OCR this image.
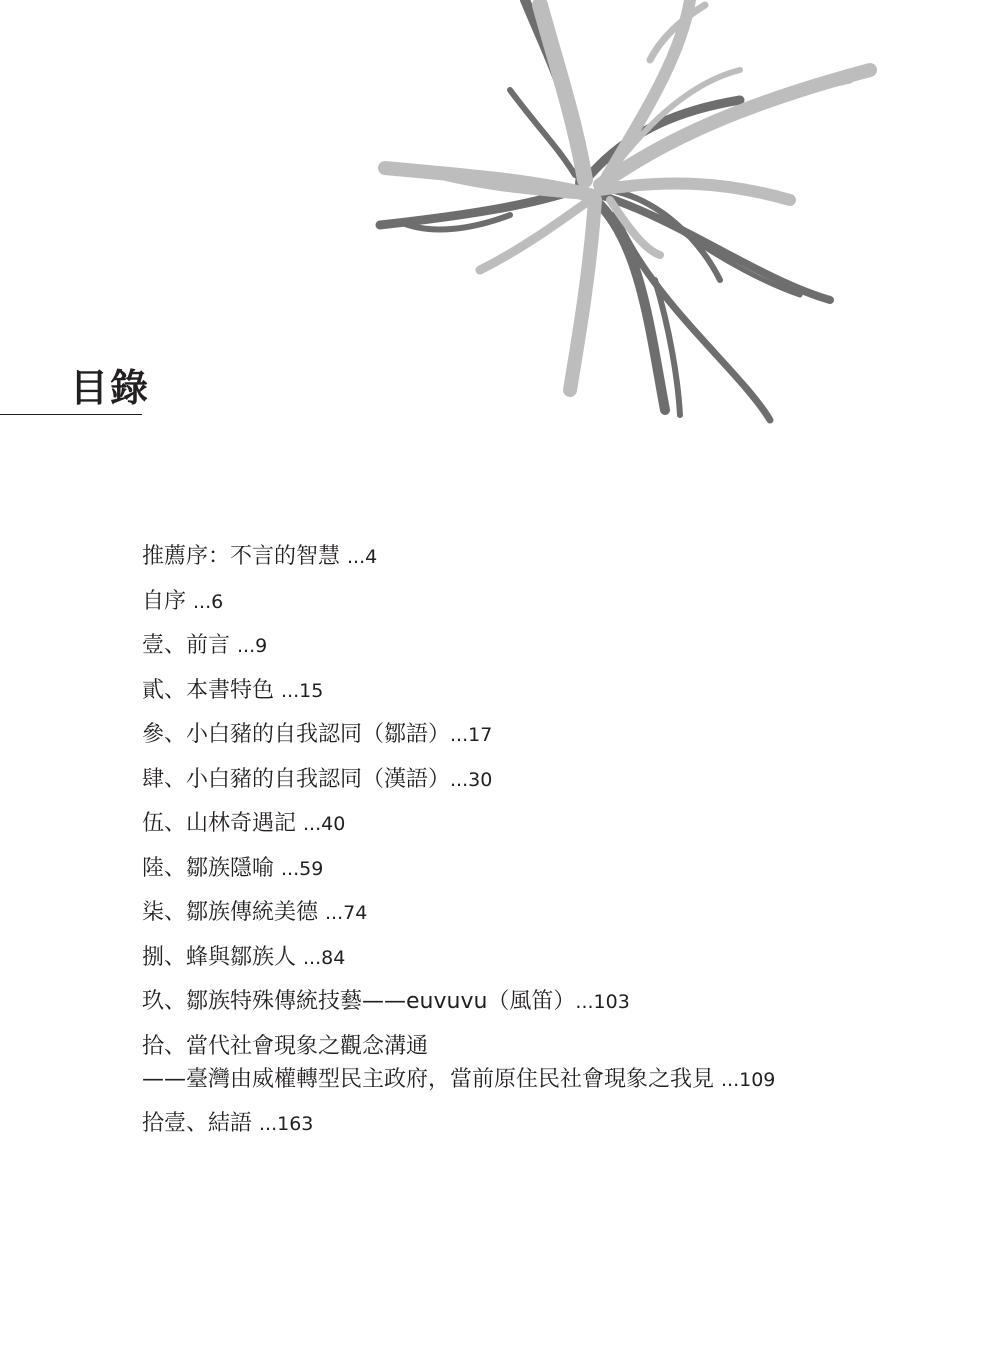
目錄
推薦序：不言的智慧 ...4
自序 ...6
壹、前言 ...9
貳、本書特色 ...15
參、小白豬的自我認同（鄒語）...17
肆、小白豬的自我認同（漢語）...30
伍、山林奇遇記 ...40
陸、鄒族隱喻 ...59
柒、鄒族傳統美德 ...74
捌、蜂與鄒族人 ...84
玖、鄒族特殊傳統技藝——euvuvu（風笛）...103
拾、當代社會現象之觀念溝通
——臺灣由威權轉型民主政府，當前原住民社會現象之我見 ...109
拾壹、結語 ...163
